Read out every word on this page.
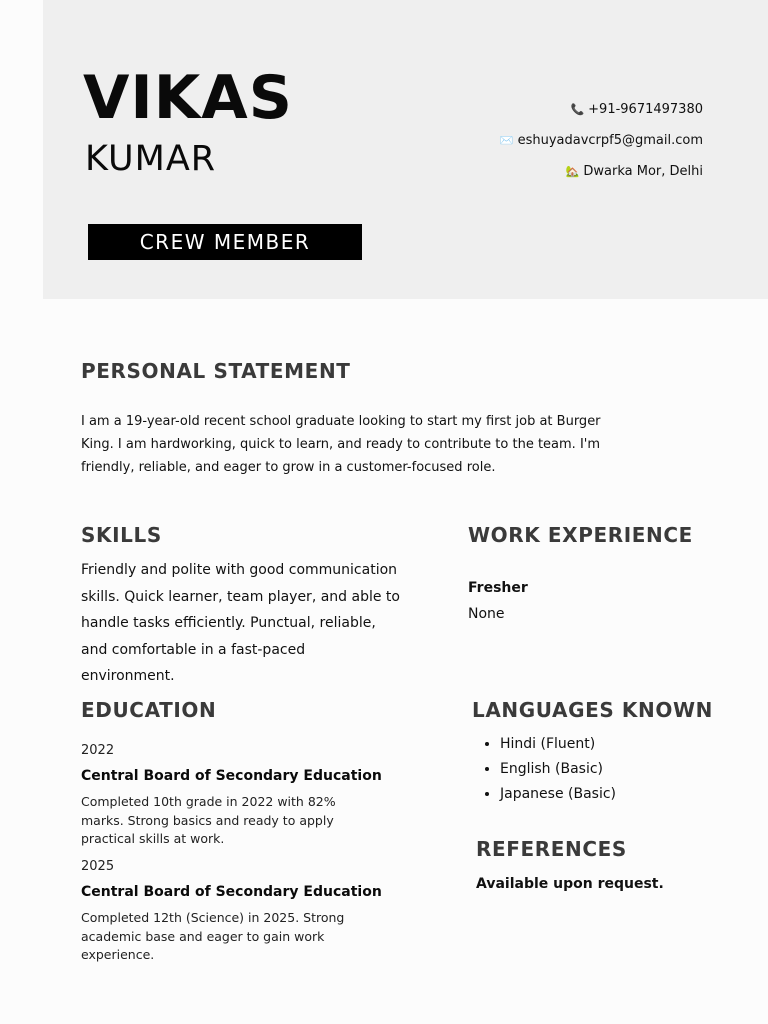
VIKAS
KUMAR
CREW MEMBER
📞 +91-9671497380
✉️ eshuyadavcrpf5@gmail.com
🏡 Dwarka Mor, Delhi
PERSONAL STATEMENT
I am a 19-year-old recent school graduate looking to start my first job at Burger King. I am hardworking, quick to learn, and ready to contribute to the team. I'm friendly, reliable, and eager to grow in a customer-focused role.
SKILLS
Friendly and polite with good communication skills. Quick learner, team player, and able to handle tasks efficiently. Punctual, reliable, and comfortable in a fast-paced environment.
WORK EXPERIENCE
Fresher
None
EDUCATION
2022
Central Board of Secondary Education
Completed 10th grade in 2022 with 82% marks. Strong basics and ready to apply practical skills at work.
2025
Central Board of Secondary Education
Completed 12th (Science) in 2025. Strong academic base and eager to gain work experience.
LANGUAGES KNOWN
• Hindi (Fluent)
• English (Basic)
• Japanese (Basic)
REFERENCES
Available upon request.
